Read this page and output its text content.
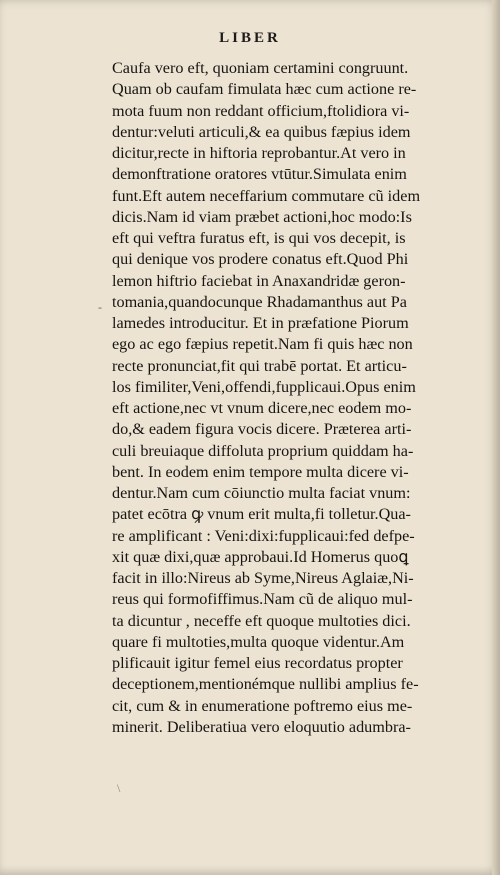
LIBER
-
Caufa vero eft, quoniam certamini congruunt.
Quam ob caufam fimulata hæc cum actione re-
mota fuum non reddant officium,ftolidiora vi-
dentur:veluti articuli,& ea quibus fæpius idem
dicitur,recte in hiftoria reprobantur.At vero in
demonftratione oratores vtūtur.Simulata enim
funt.Eft autem neceffarium commutare cũ idem
dicis.Nam id viam præbet actioni,hoc modo:Is
eft qui veftra furatus eft, is qui vos decepit, is
qui denique vos prodere conatus eft.Quod Phi
lemon hiftrio faciebat in Anaxandridæ geron-
tomania,quandocunque Rhadamanthus aut Pa
lamedes introducitur. Et in præfatione Piorum
ego ac ego fæpius repetit.Nam fi quis hæc non
recte pronunciat,fit qui trabē portat. Et articu-
los fimiliter,Veni,offendi,fupplicaui.Opus enim
eft actione,nec vt vnum dicere,nec eodem mo-
do,& eadem figura vocis dicere. Præterea arti-
culi breuiaque diffoluta proprium quiddam ha-
bent. In eodem enim tempore multa dicere vi-
dentur.Nam cum cōiunctio multa faciat vnum:
patet ecōtra ꝙ vnum erit multa,fi tolletur.Qua-
re amplificant : Veni:dixi:fupplicaui:fed defpe-
xit quæ dixi,quæ approbaui.Id Homerus quoꝗ
facit in illo:Nireus ab Syme,Nireus Aglaiæ,Ni-
reus qui formofiffimus.Nam cũ de aliquo mul-
ta dicuntur , neceffe eft quoque multoties dici.
quare fi multoties,multa quoque videntur.Am
plificauit igitur femel eius recordatus propter
deceptionem,mentionémque nullibi amplius fe-
cit, cum & in enumeratione poftremo eius me-
minerit. Deliberatiua vero eloquutio adumbra-
\
